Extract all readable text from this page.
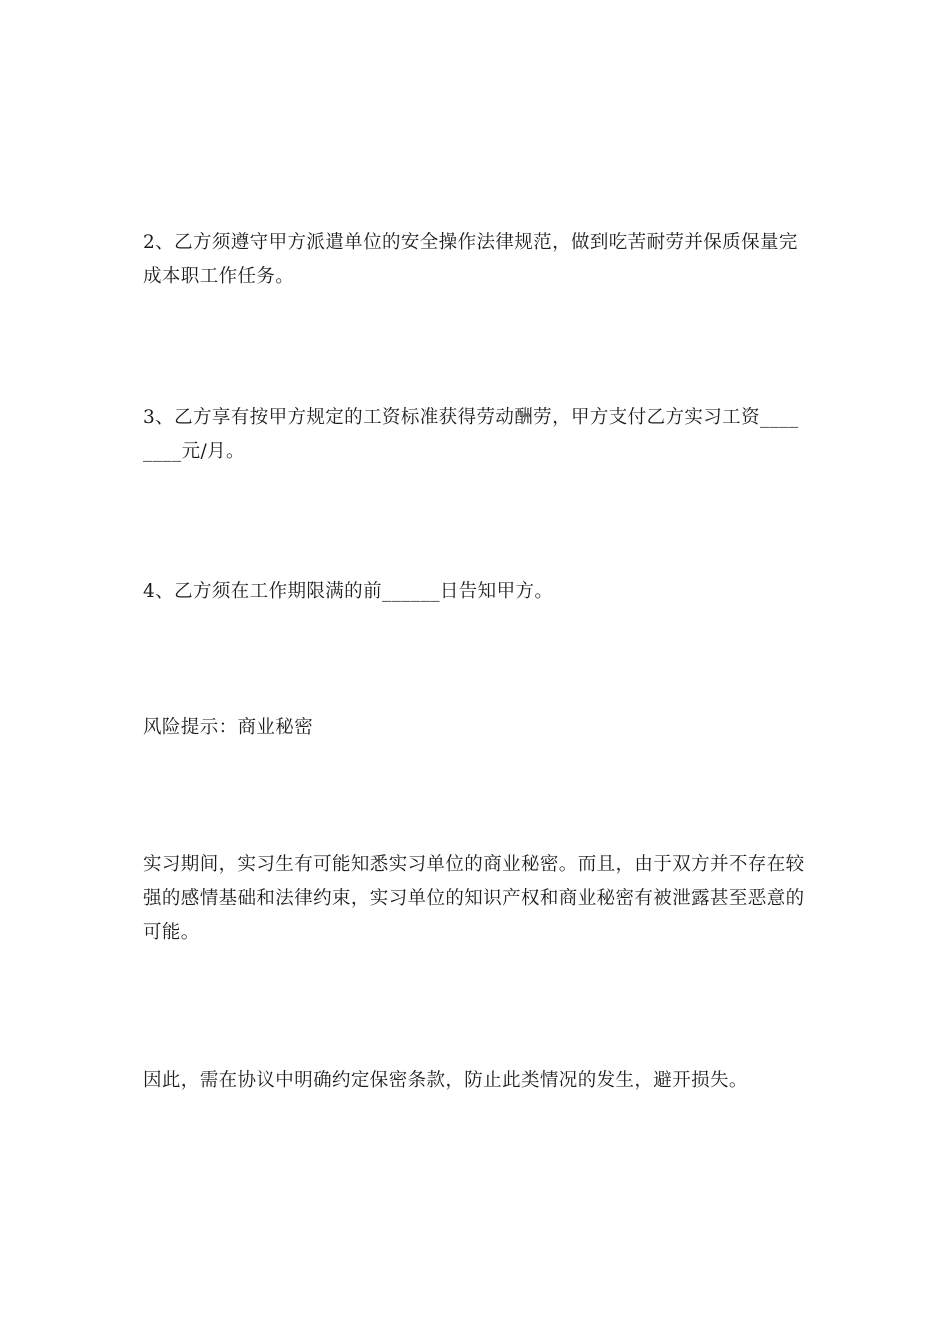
2、乙方须遵守甲方派遣单位的安全操作法律规范，做到吃苦耐劳并保质保量完成本职工作任务。

3、乙方享有按甲方规定的工资标准获得劳动酬劳，甲方支付乙方实习工资________元/月。

4、乙方须在工作期限满的前______日告知甲方。

风险提示：商业秘密

实习期间，实习生有可能知悉实习单位的商业秘密。而且，由于双方并不存在较强的感情基础和法律约束，实习单位的知识产权和商业秘密有被泄露甚至恶意的可能。

因此，需在协议中明确约定保密条款，防止此类情况的发生，避开损失。
